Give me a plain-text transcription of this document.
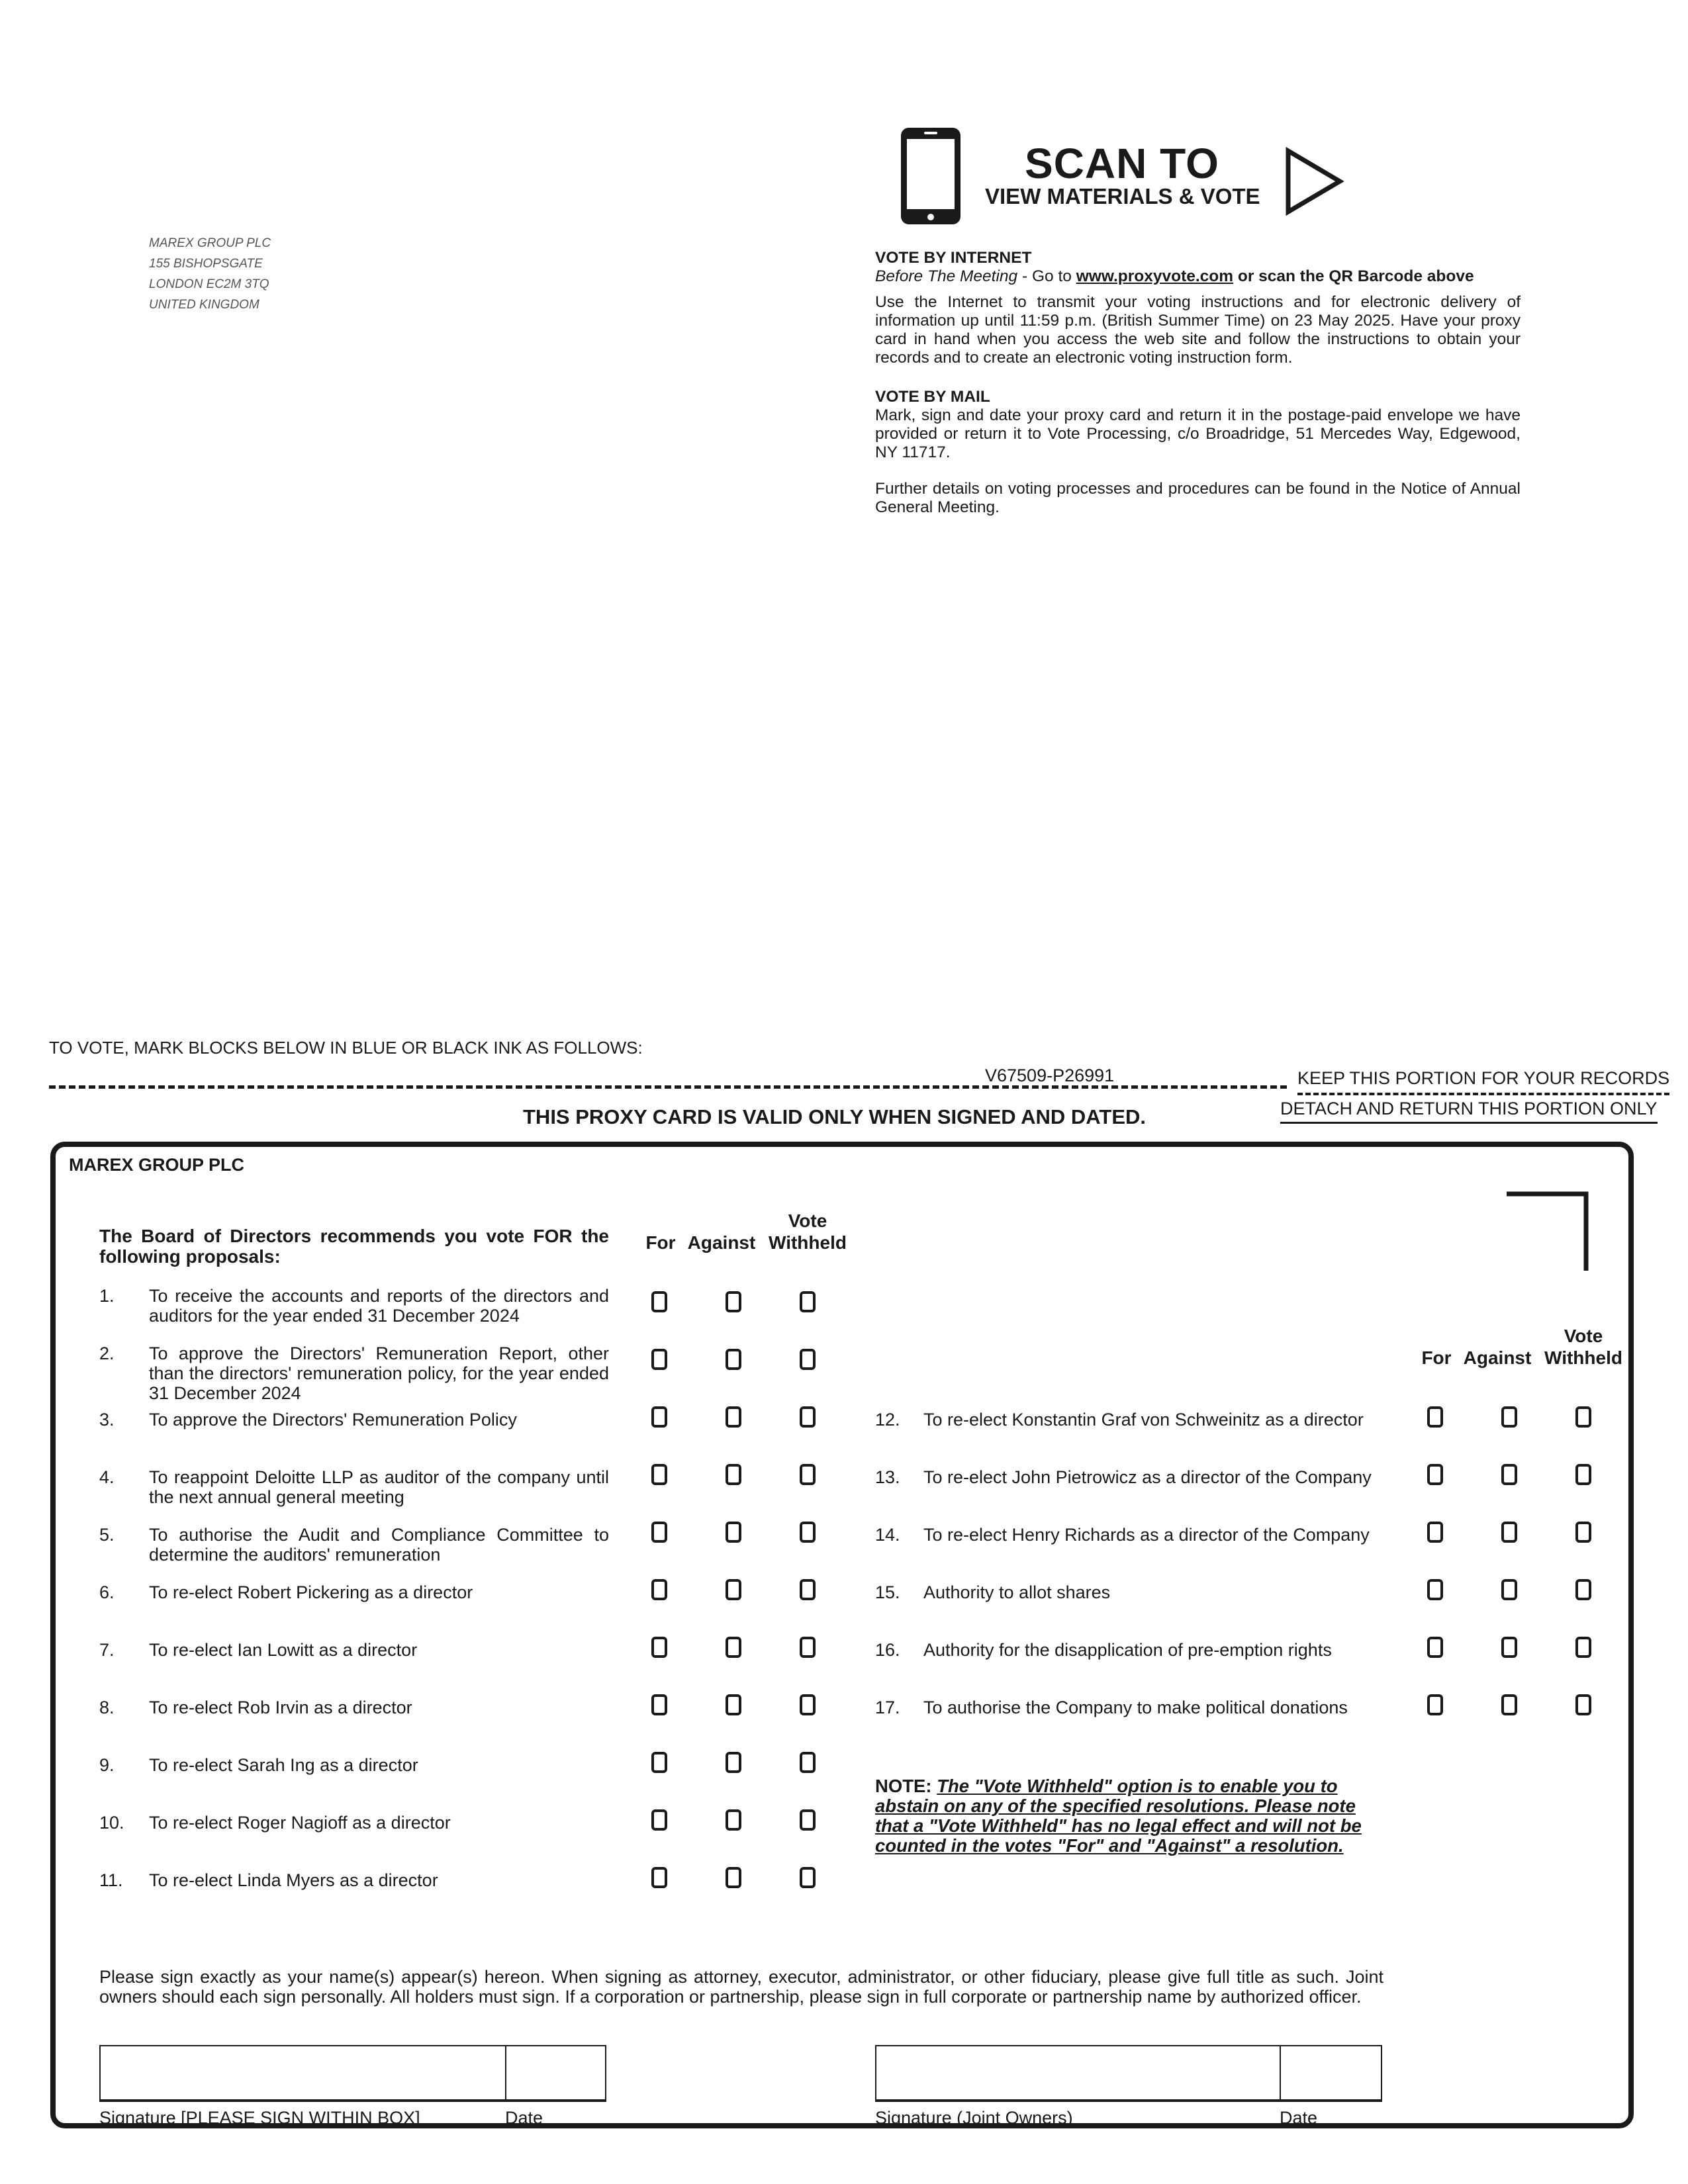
MAREX GROUP PLC
155 BISHOPSGATE
LONDON EC2M 3TQ
UNITED KINGDOM
SCAN TO
VIEW MATERIALS & VOTE
VOTE BY INTERNET
Before The Meeting - Go to www.proxyvote.com or scan the QR Barcode above

Use the Internet to transmit your voting instructions and for electronic delivery of information up until 11:59 p.m. (British Summer Time) on 23 May 2025. Have your proxy card in hand when you access the web site and follow the instructions to obtain your records and to create an electronic voting instruction form.

VOTE BY MAIL

Mark, sign and date your proxy card and return it in the postage-paid envelope we have provided or return it to Vote Processing, c/o Broadridge, 51 Mercedes Way, Edgewood, NY 11717.

Further details on voting processes and procedures can be found in the Notice of Annual General Meeting.

TO VOTE, MARK BLOCKS BELOW IN BLUE OR BLACK INK AS FOLLOWS:
V67509-P26991	KEEP THIS PORTION FOR YOUR RECORDS
DETACH AND RETURN THIS PORTION ONLY
THIS PROXY CARD IS VALID ONLY WHEN SIGNED AND DATED.
MAREX GROUP PLC
The Board of Directors recommends you vote FOR the following proposals:
For Against
Vote
Withheld
For Against
Vote
Withheld
1. To receive the accounts and reports of the directors and auditors for the year ended 31 December 2024
2. To approve the Directors' Remuneration Report, other than the directors' remuneration policy, for the year ended 31 December 2024
3. To approve the Directors' Remuneration Policy
4. To reappoint Deloitte LLP as auditor of the company until the next annual general meeting
5. To authorise the Audit and Compliance Committee to determine the auditors' remuneration
6. To re-elect Robert Pickering as a director
7. To re-elect Ian Lowitt as a director
8. To re-elect Rob Irvin as a director
9. To re-elect Sarah Ing as a director
10. To re-elect Roger Nagioff as a director
11. To re-elect Linda Myers as a director
12. To re-elect Konstantin Graf von Schweinitz as a director
13. To re-elect John Pietrowicz as a director of the Company
14. To re-elect Henry Richards as a director of the Company
15. Authority to allot shares
16. Authority for the disapplication of pre-emption rights
17. To authorise the Company to make political donations
NOTE: The "Vote Withheld" option is to enable you to abstain on any of the specified resolutions. Please note that a "Vote Withheld" has no legal effect and will not be counted in the votes "For" and "Against" a resolution.
Please sign exactly as your name(s) appear(s) hereon. When signing as attorney, executor, administrator, or other fiduciary, please give full title as such. Joint owners should each sign personally. All holders must sign. If a corporation or partnership, please sign in full corporate or partnership name by authorized officer.
Signature [PLEASE SIGN WITHIN BOX]	Date	Signature (Joint Owners)	Date
